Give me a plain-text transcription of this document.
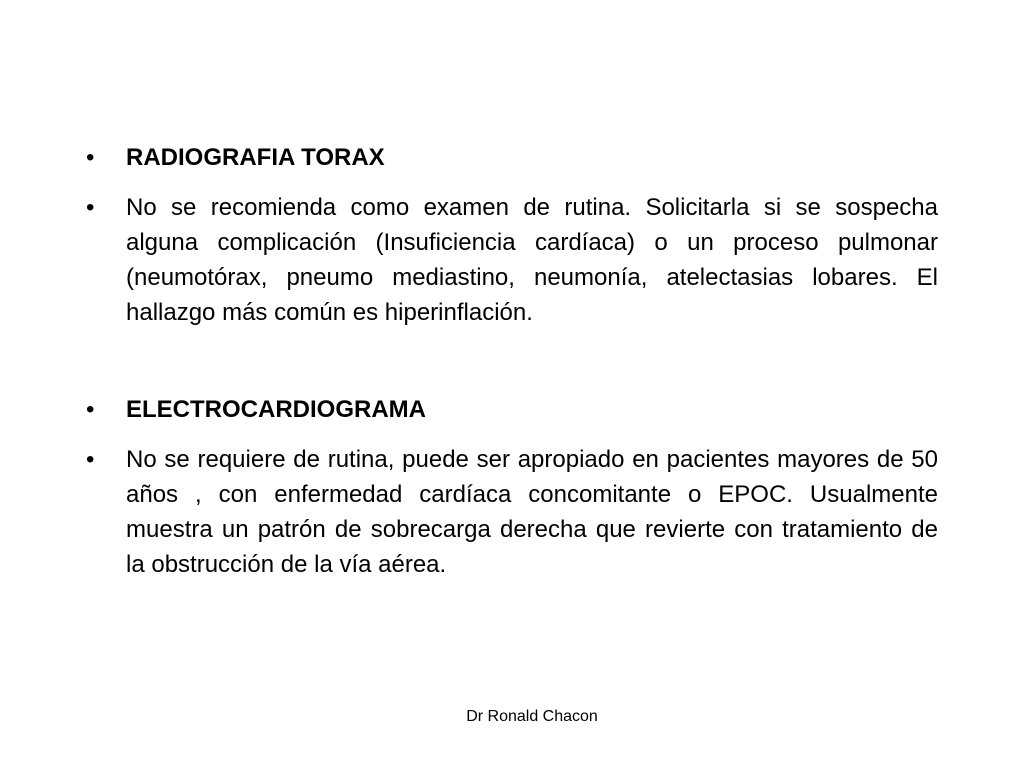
•	RADIOGRAFIA TORAX
•	No se recomienda como examen de rutina. Solicitarla si se sospecha alguna complicación (Insuficiencia cardíaca) o un proceso pulmonar (neumotórax, pneumo mediastino, neumonía, atelectasias lobares. El hallazgo más común es hiperinflación.
•	ELECTROCARDIOGRAMA
•	No se requiere de rutina, puede ser apropiado en pacientes mayores de 50 años , con enfermedad cardíaca concomitante o EPOC. Usualmente muestra un patrón de sobrecarga derecha que revierte con tratamiento de la obstrucción de la vía aérea.
Dr Ronald Chacon
